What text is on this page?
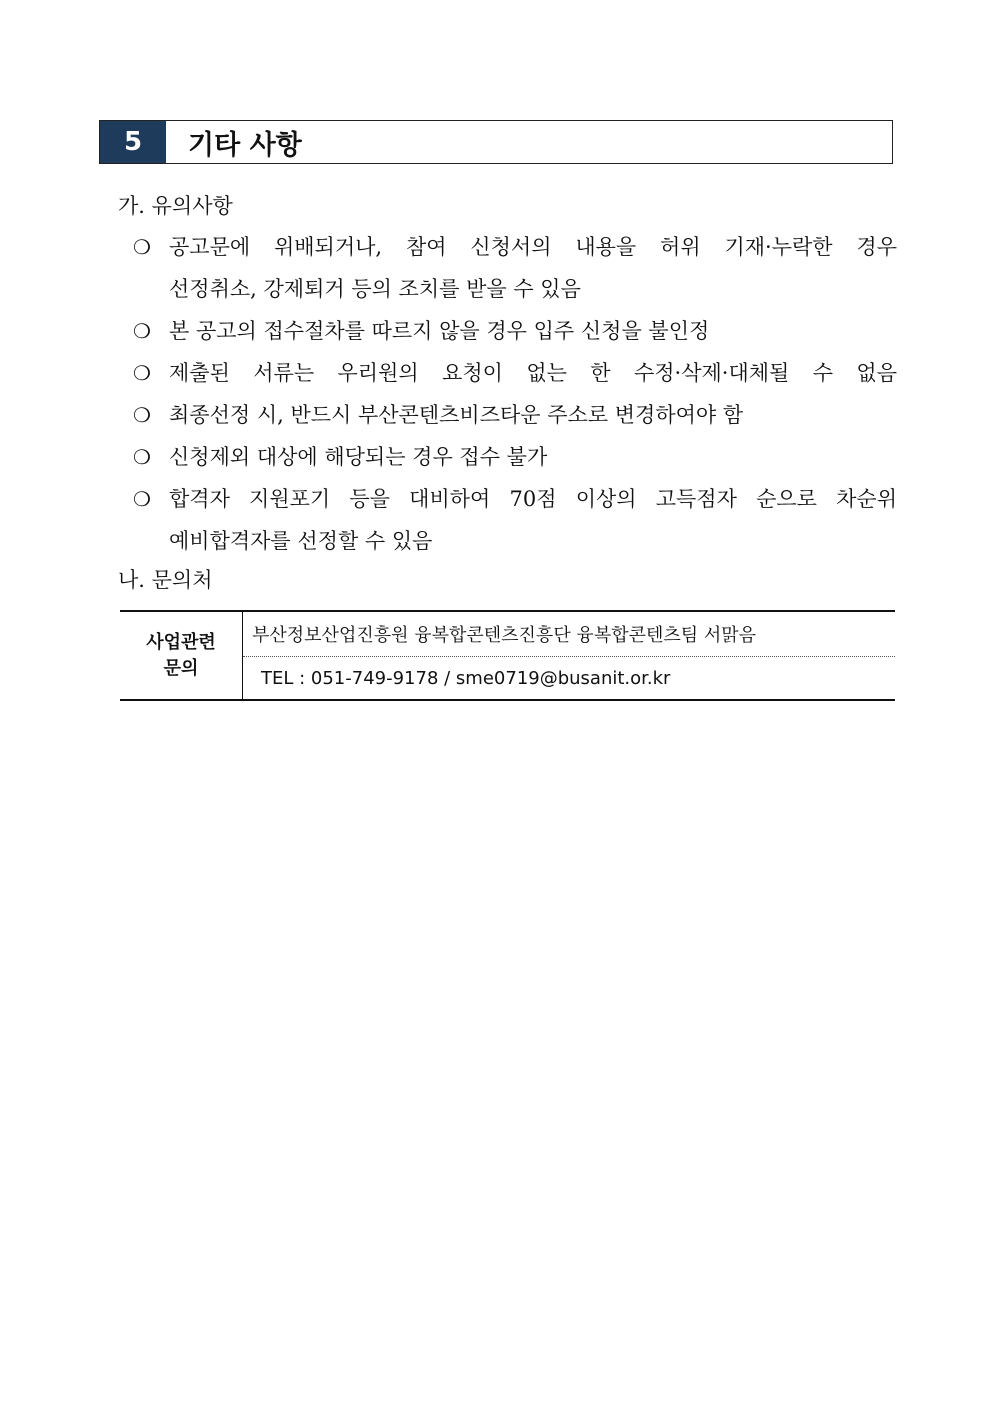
5	기타 사항
가. 유의사항
❍ 공고문에 위배되거나, 참여 신청서의 내용을 허위 기재·누락한 경우
선정취소, 강제퇴거 등의 조치를 받을 수 있음
❍ 본 공고의 접수절차를 따르지 않을 경우 입주 신청을 불인정
❍ 제출된 서류는 우리원의 요청이 없는 한 수정·삭제·대체될 수 없음
❍ 최종선정 시, 반드시 부산콘텐츠비즈타운 주소로 변경하여야 함
❍ 신청제외 대상에 해당되는 경우 접수 불가
❍ 합격자 지원포기 등을 대비하여 70점 이상의 고득점자 순으로 차순위
예비합격자를 선정할 수 있음
나. 문의처
사업관련
문의	부산정보산업진흥원 융복합콘텐츠진흥단 융복합콘텐츠팀 서맑음
TEL : 051-749-9178 / sme0719@busanit.or.kr
